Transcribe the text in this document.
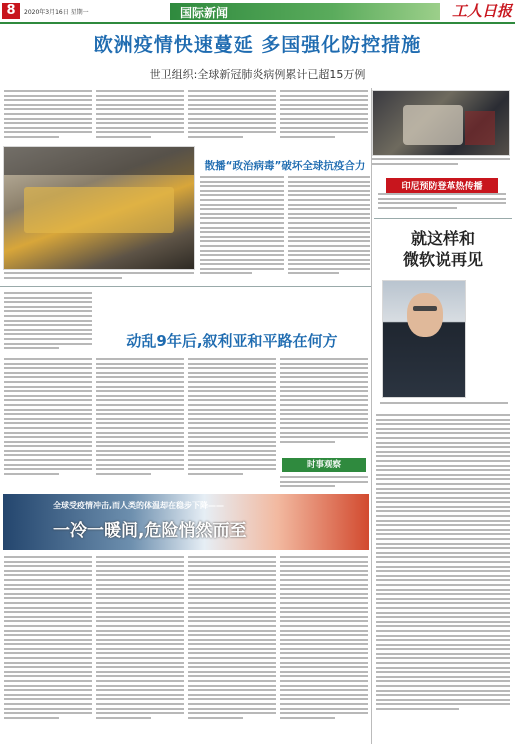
8	2020年3月16日 星期一	国际新闻	工人日报
欧洲疫情快速蔓延 多国强化防控措施
世卫组织:全球新冠肺炎病例累计已超15万例
散播“政治病毒”破坏全球抗疫合力
印尼预防登革热传播
就这样和
微软说再见
动乱9年后,叙利亚和平路在何方
时事观察
全球受疫情冲击,而人类的体温却在稳步下降——
一冷一暖间,危险悄然而至
